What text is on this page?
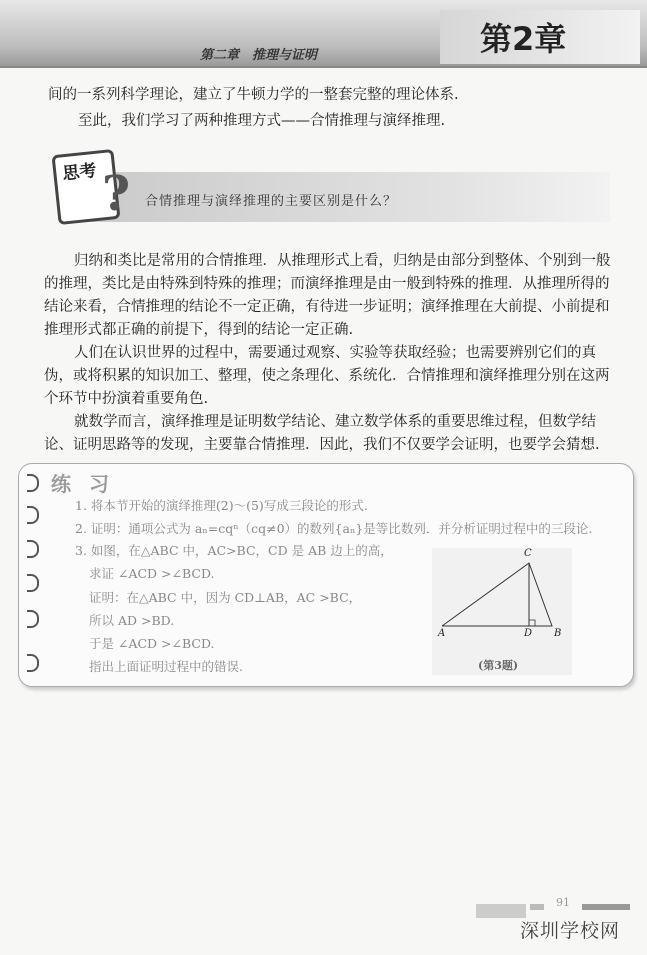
第二章　推理与证明	第2章
间的一系列科学理论，建立了牛顿力学的一整套完整的理论体系.
至此，我们学习了两种推理方式——合情推理与演绎推理.
思考 ? 合情推理与演绎推理的主要区别是什么？
归纳和类比是常用的合情推理．从推理形式上看，归纳是由部分到整体、个别到一般的推理，类比是由特殊到特殊的推理；而演绎推理是由一般到特殊的推理．从推理所得的结论来看，合情推理的结论不一定正确，有待进一步证明；演绎推理在大前提、小前提和推理形式都正确的前提下，得到的结论一定正确.
人们在认识世界的过程中，需要通过观察、实验等获取经验；也需要辨别它们的真伪，或将积累的知识加工、整理，使之条理化、系统化．合情推理和演绎推理分别在这两个环节中扮演着重要角色.
就数学而言，演绎推理是证明数学结论、建立数学体系的重要思维过程，但数学结论、证明思路等的发现，主要靠合情推理．因此，我们不仅要学会证明，也要学会猜想.
练习
1. 将本节开始的演绎推理(2)～(5)写成三段论的形式.
2. 证明：通项公式为 aₙ=cqⁿ（cq≠0）的数列{aₙ}是等比数列．并分析证明过程中的三段论.
3. 如图，在△ABC 中，AC>BC，CD 是 AB 边上的高，
求证 ∠ACD >∠BCD.
证明：在△ABC 中，因为 CD⊥AB，AC >BC，
所以 AD >BD.
于是 ∠ACD >∠BCD.
指出上面证明过程中的错误.
C
A	D B
(第3题)
91
深圳学校网
